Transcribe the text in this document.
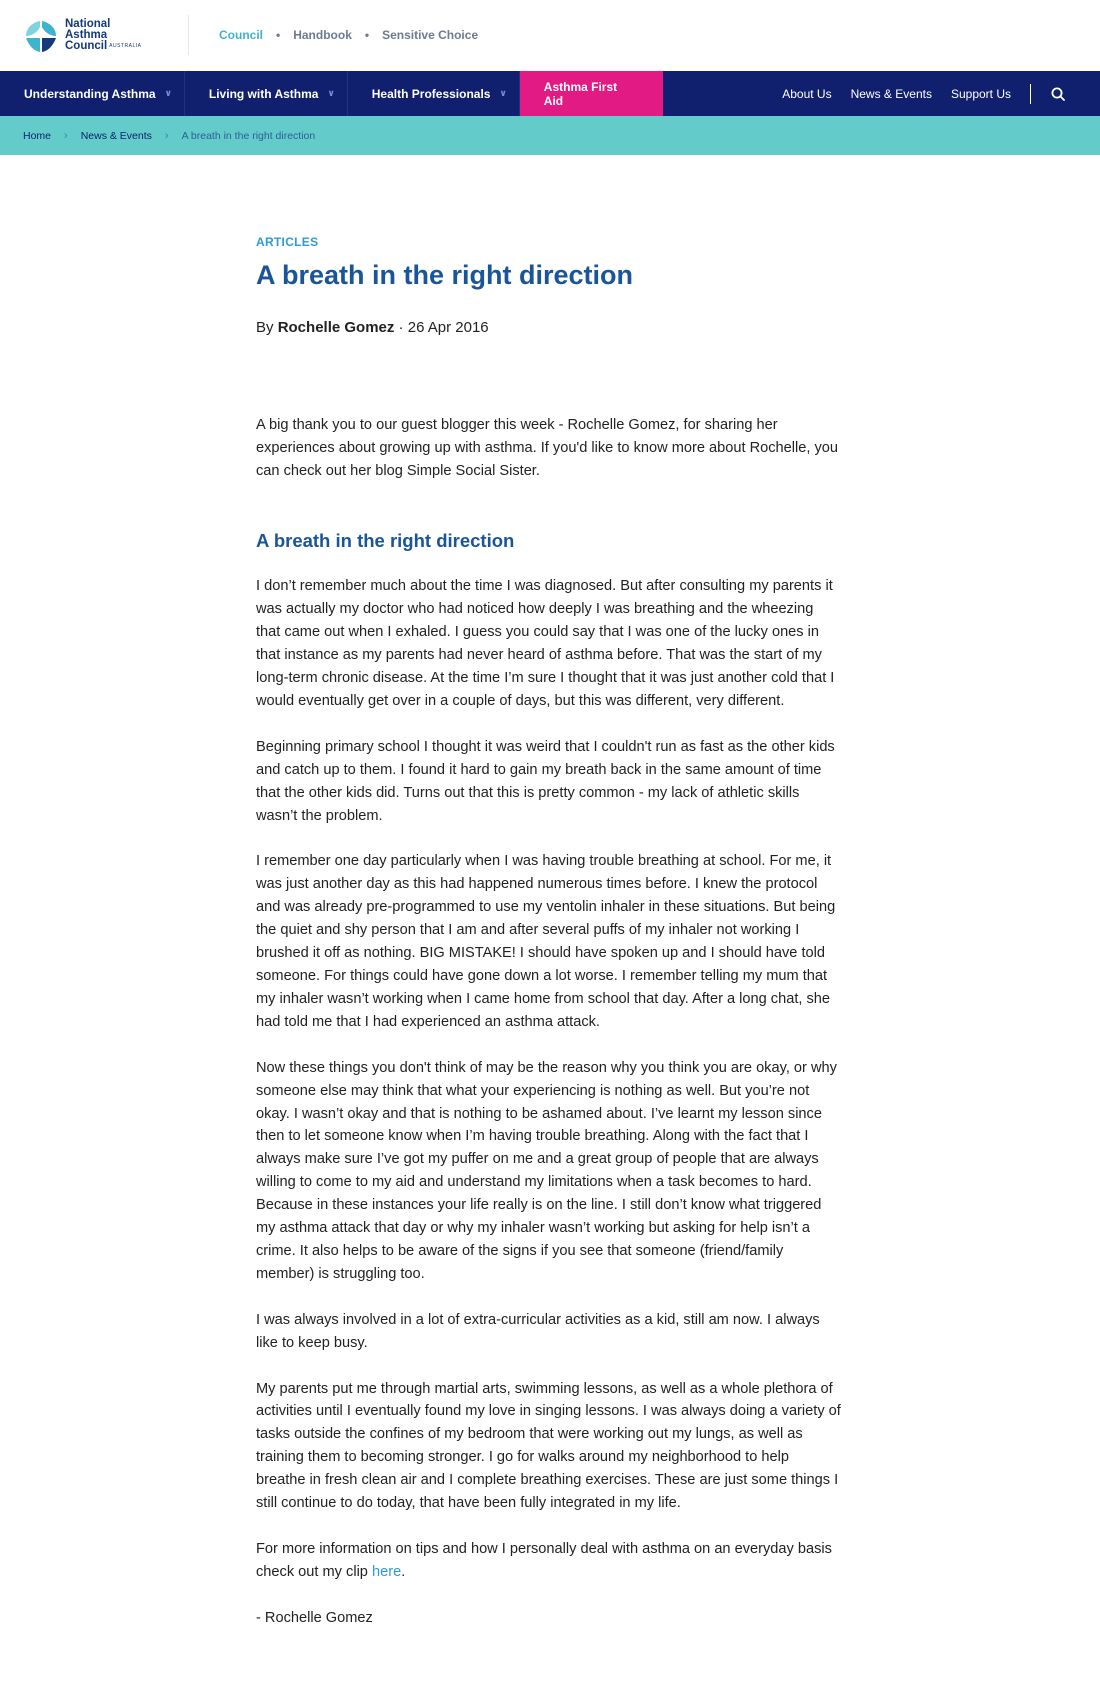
National
Asthma
Council AUSTRALIA
Council • Handbook • Sensitive Choice
Understanding Asthma ∨	Living with Asthma ∨	Health Professionals ∨	Asthma First Aid	About Us News & Events Support Us
Home › News & Events › A breath in the right direction
ARTICLES
A breath in the right direction
By Rochelle Gomez · 26 Apr 2016

A big thank you to our guest blogger this week - Rochelle Gomez, for sharing her experiences about growing up with asthma. If you'd like to know more about Rochelle, you can check out her blog Simple Social Sister.

A breath in the right direction

I don’t remember much about the time I was diagnosed. But after consulting my parents it was actually my doctor who had noticed how deeply I was breathing and the wheezing that came out when I exhaled. I guess you could say that I was one of the lucky ones in that instance as my parents had never heard of asthma before. That was the start of my long-term chronic disease. At the time I’m sure I thought that it was just another cold that I would eventually get over in a couple of days, but this was different, very different.

Beginning primary school I thought it was weird that I couldn't run as fast as the other kids and catch up to them. I found it hard to gain my breath back in the same amount of time that the other kids did. Turns out that this is pretty common - my lack of athletic skills wasn’t the problem.

I remember one day particularly when I was having trouble breathing at school. For me, it was just another day as this had happened numerous times before. I knew the protocol and was already pre-programmed to use my ventolin inhaler in these situations. But being the quiet and shy person that I am and after several puffs of my inhaler not working I brushed it off as nothing. BIG MISTAKE! I should have spoken up and I should have told someone. For things could have gone down a lot worse. I remember telling my mum that my inhaler wasn’t working when I came home from school that day. After a long chat, she had told me that I had experienced an asthma attack.

Now these things you don't think of may be the reason why you think you are okay, or why someone else may think that what your experiencing is nothing as well. But you’re not okay. I wasn’t okay and that is nothing to be ashamed about. I’ve learnt my lesson since then to let someone know when I’m having trouble breathing. Along with the fact that I always make sure I’ve got my puffer on me and a great group of people that are always willing to come to my aid and understand my limitations when a task becomes to hard. Because in these instances your life really is on the line. I still don’t know what triggered my asthma attack that day or why my inhaler wasn’t working but asking for help isn’t a crime. It also helps to be aware of the signs if you see that someone (friend/family member) is struggling too.

I was always involved in a lot of extra-curricular activities as a kid, still am now. I always like to keep busy.

My parents put me through martial arts, swimming lessons, as well as a whole plethora of activities until I eventually found my love in singing lessons. I was always doing a variety of tasks outside the confines of my bedroom that were working out my lungs, as well as training them to becoming stronger. I go for walks around my neighborhood to help breathe in fresh clean air and I complete breathing exercises. These are just some things I still continue to do today, that have been fully integrated in my life.

For more information on tips and how I personally deal with asthma on an everyday basis check out my clip here.

- Rochelle Gomez
